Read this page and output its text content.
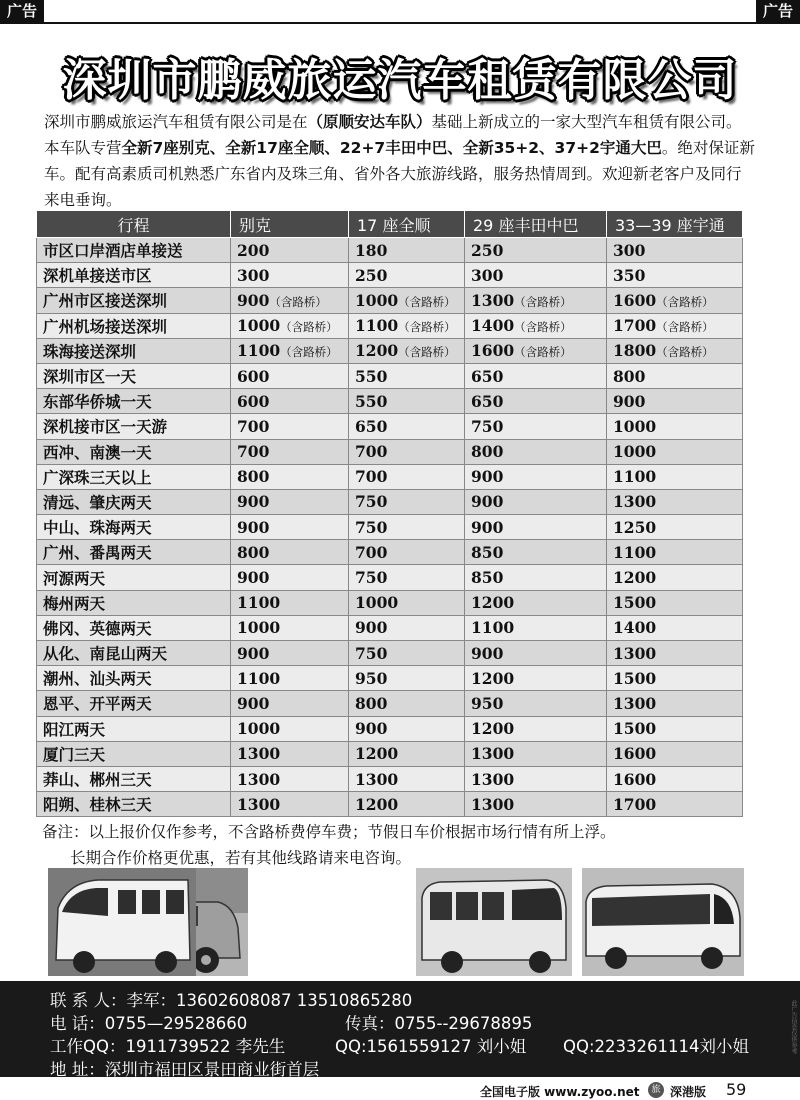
广告	广告
深圳市鹏威旅运汽车租赁有限公司
深圳市鹏威旅运汽车租赁有限公司是在（原顺安达车队）基础上新成立的一家大型汽车租赁有限公司。本车队专营全新7座别克、全新17座全顺、22+7丰田中巴、全新35+2、37+2宇通大巴。绝对保证新车。配有高素质司机熟悉广东省内及珠三角、省外各大旅游线路，服务热情周到。欢迎新老客户及同行来电垂询。
行程	别克	17 座全顺	29 座丰田中巴	33—39 座宇通
市区口岸酒店单接送	200	180	250	300
深机单接送市区	300	250	300	350
广州市区接送深圳	900（含路桥）	1000（含路桥）	1300（含路桥）	1600（含路桥）
广州机场接送深圳	1000（含路桥）	1100（含路桥）	1400（含路桥）	1700（含路桥）
珠海接送深圳	1100（含路桥）	1200（含路桥）	1600（含路桥）	1800（含路桥）
深圳市区一天	600	550	650	800
东部华侨城一天	600	550	650	900
深机接市区一天游	700	650	750	1000
西冲、南澳一天	700	700	800	1000
广深珠三天以上	800	700	900	1100
清远、肇庆两天	900	750	900	1300
中山、珠海两天	900	750	900	1250
广州、番禺两天	800	700	850	1100
河源两天	900	750	850	1200
梅州两天	1100	1000	1200	1500
佛冈、英德两天	1000	900	1100	1400
从化、南昆山两天	900	750	900	1300
潮州、汕头两天	1100	950	1200	1500
恩平、开平两天	900	800	950	1300
阳江两天	1000	900	1200	1500
厦门三天	1300	1200	1300	1600
莽山、郴州三天	1300	1300	1300	1600
阳朔、桂林三天	1300	1200	1300	1700
备注：以上报价仅作参考，不含路桥费停车费；节假日车价根据市场行情有所上浮。
长期合作价格更优惠，若有其他线路请来电咨询。
联 系 人：李军：13602608087 13510865280
电 话：0755—29528660	传真：0755--29678895
工作QQ：1911739522 李先生	QQ:1561559127 刘小姐 QQ:2233261114刘小姐
地 址：深圳市福田区景田商业街首层
此广告信息仅供参考
全国电子版 www.zyoo.net	旅 深港版 59
